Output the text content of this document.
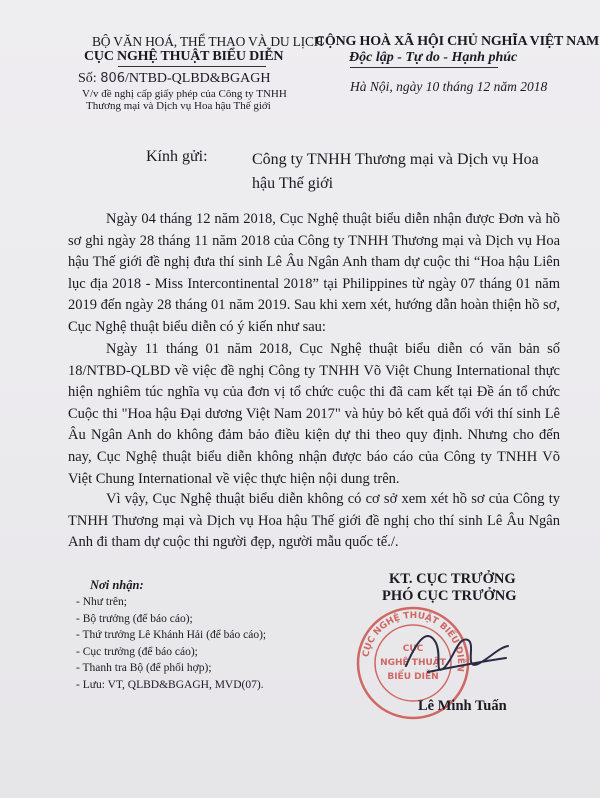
BỘ VĂN HOÁ, THỂ THAO VÀ DU LỊCH
CỤC NGHỆ THUẬT BIỂU DIỄN
CỘNG HOÀ XÃ HỘI CHỦ NGHĨA VIỆT NAM
Độc lập - Tự do - Hạnh phúc
Số: 806/NTBD-QLBD&BGAGH
V/v đề nghị cấp giấy phép của Công ty TNHH
Thương mại và Dịch vụ Hoa hậu Thế giới
Hà Nội, ngày 10 tháng 12 năm 2018
Kính gửi:	Công ty TNHH Thương mại và Dịch vụ Hoa hậu Thế giới
Ngày 04 tháng 12 năm 2018, Cục Nghệ thuật biểu diễn nhận được Đơn và hồ sơ ghi ngày 28 tháng 11 năm 2018 của Công ty TNHH Thương mại và Dịch vụ Hoa hậu Thế giới đề nghị đưa thí sinh Lê Âu Ngân Anh tham dự cuộc thi “Hoa hậu Liên lục địa 2018 - Miss Intercontinental 2018” tại Philippines từ ngày 07 tháng 01 năm 2019 đến ngày 28 tháng 01 năm 2019. Sau khi xem xét, hướng dẫn hoàn thiện hồ sơ, Cục Nghệ thuật biểu diễn có ý kiến như sau:
Ngày 11 tháng 01 năm 2018, Cục Nghệ thuật biểu diễn có văn bản số 18/NTBD-QLBD về việc đề nghị Công ty TNHH Võ Việt Chung International thực hiện nghiêm túc nghĩa vụ của đơn vị tổ chức cuộc thi đã cam kết tại Đề án tổ chức Cuộc thi "Hoa hậu Đại dương Việt Nam 2017" và hủy bỏ kết quả đối với thí sinh Lê Âu Ngân Anh do không đảm bảo điều kiện dự thi theo quy định. Nhưng cho đến nay, Cục Nghệ thuật biểu diễn không nhận được báo cáo của Công ty TNHH Võ Việt Chung International về việc thực hiện nội dung trên.
Vì vậy, Cục Nghệ thuật biểu diễn không có cơ sở xem xét hồ sơ của Công ty TNHH Thương mại và Dịch vụ Hoa hậu Thế giới đề nghị cho thí sinh Lê Âu Ngân Anh đi tham dự cuộc thi người đẹp, người mẫu quốc tế./.
Nơi nhận:
- Như trên;
- Bộ trưởng (để báo cáo);
- Thứ trưởng Lê Khánh Hải (để báo cáo);
- Cục trưởng (để báo cáo);
- Thanh tra Bộ (để phối hợp);
- Lưu: VT, QLBD&BGAGH, MVD(07).
KT. CỤC TRƯỞNG
PHÓ CỤC TRƯỞNG
CỤC NGHỆ THUẬT BIỂU DIỄN
CỤC
NGHỆ THUẬT
BIỂU DIỄN
Lê Minh Tuấn
